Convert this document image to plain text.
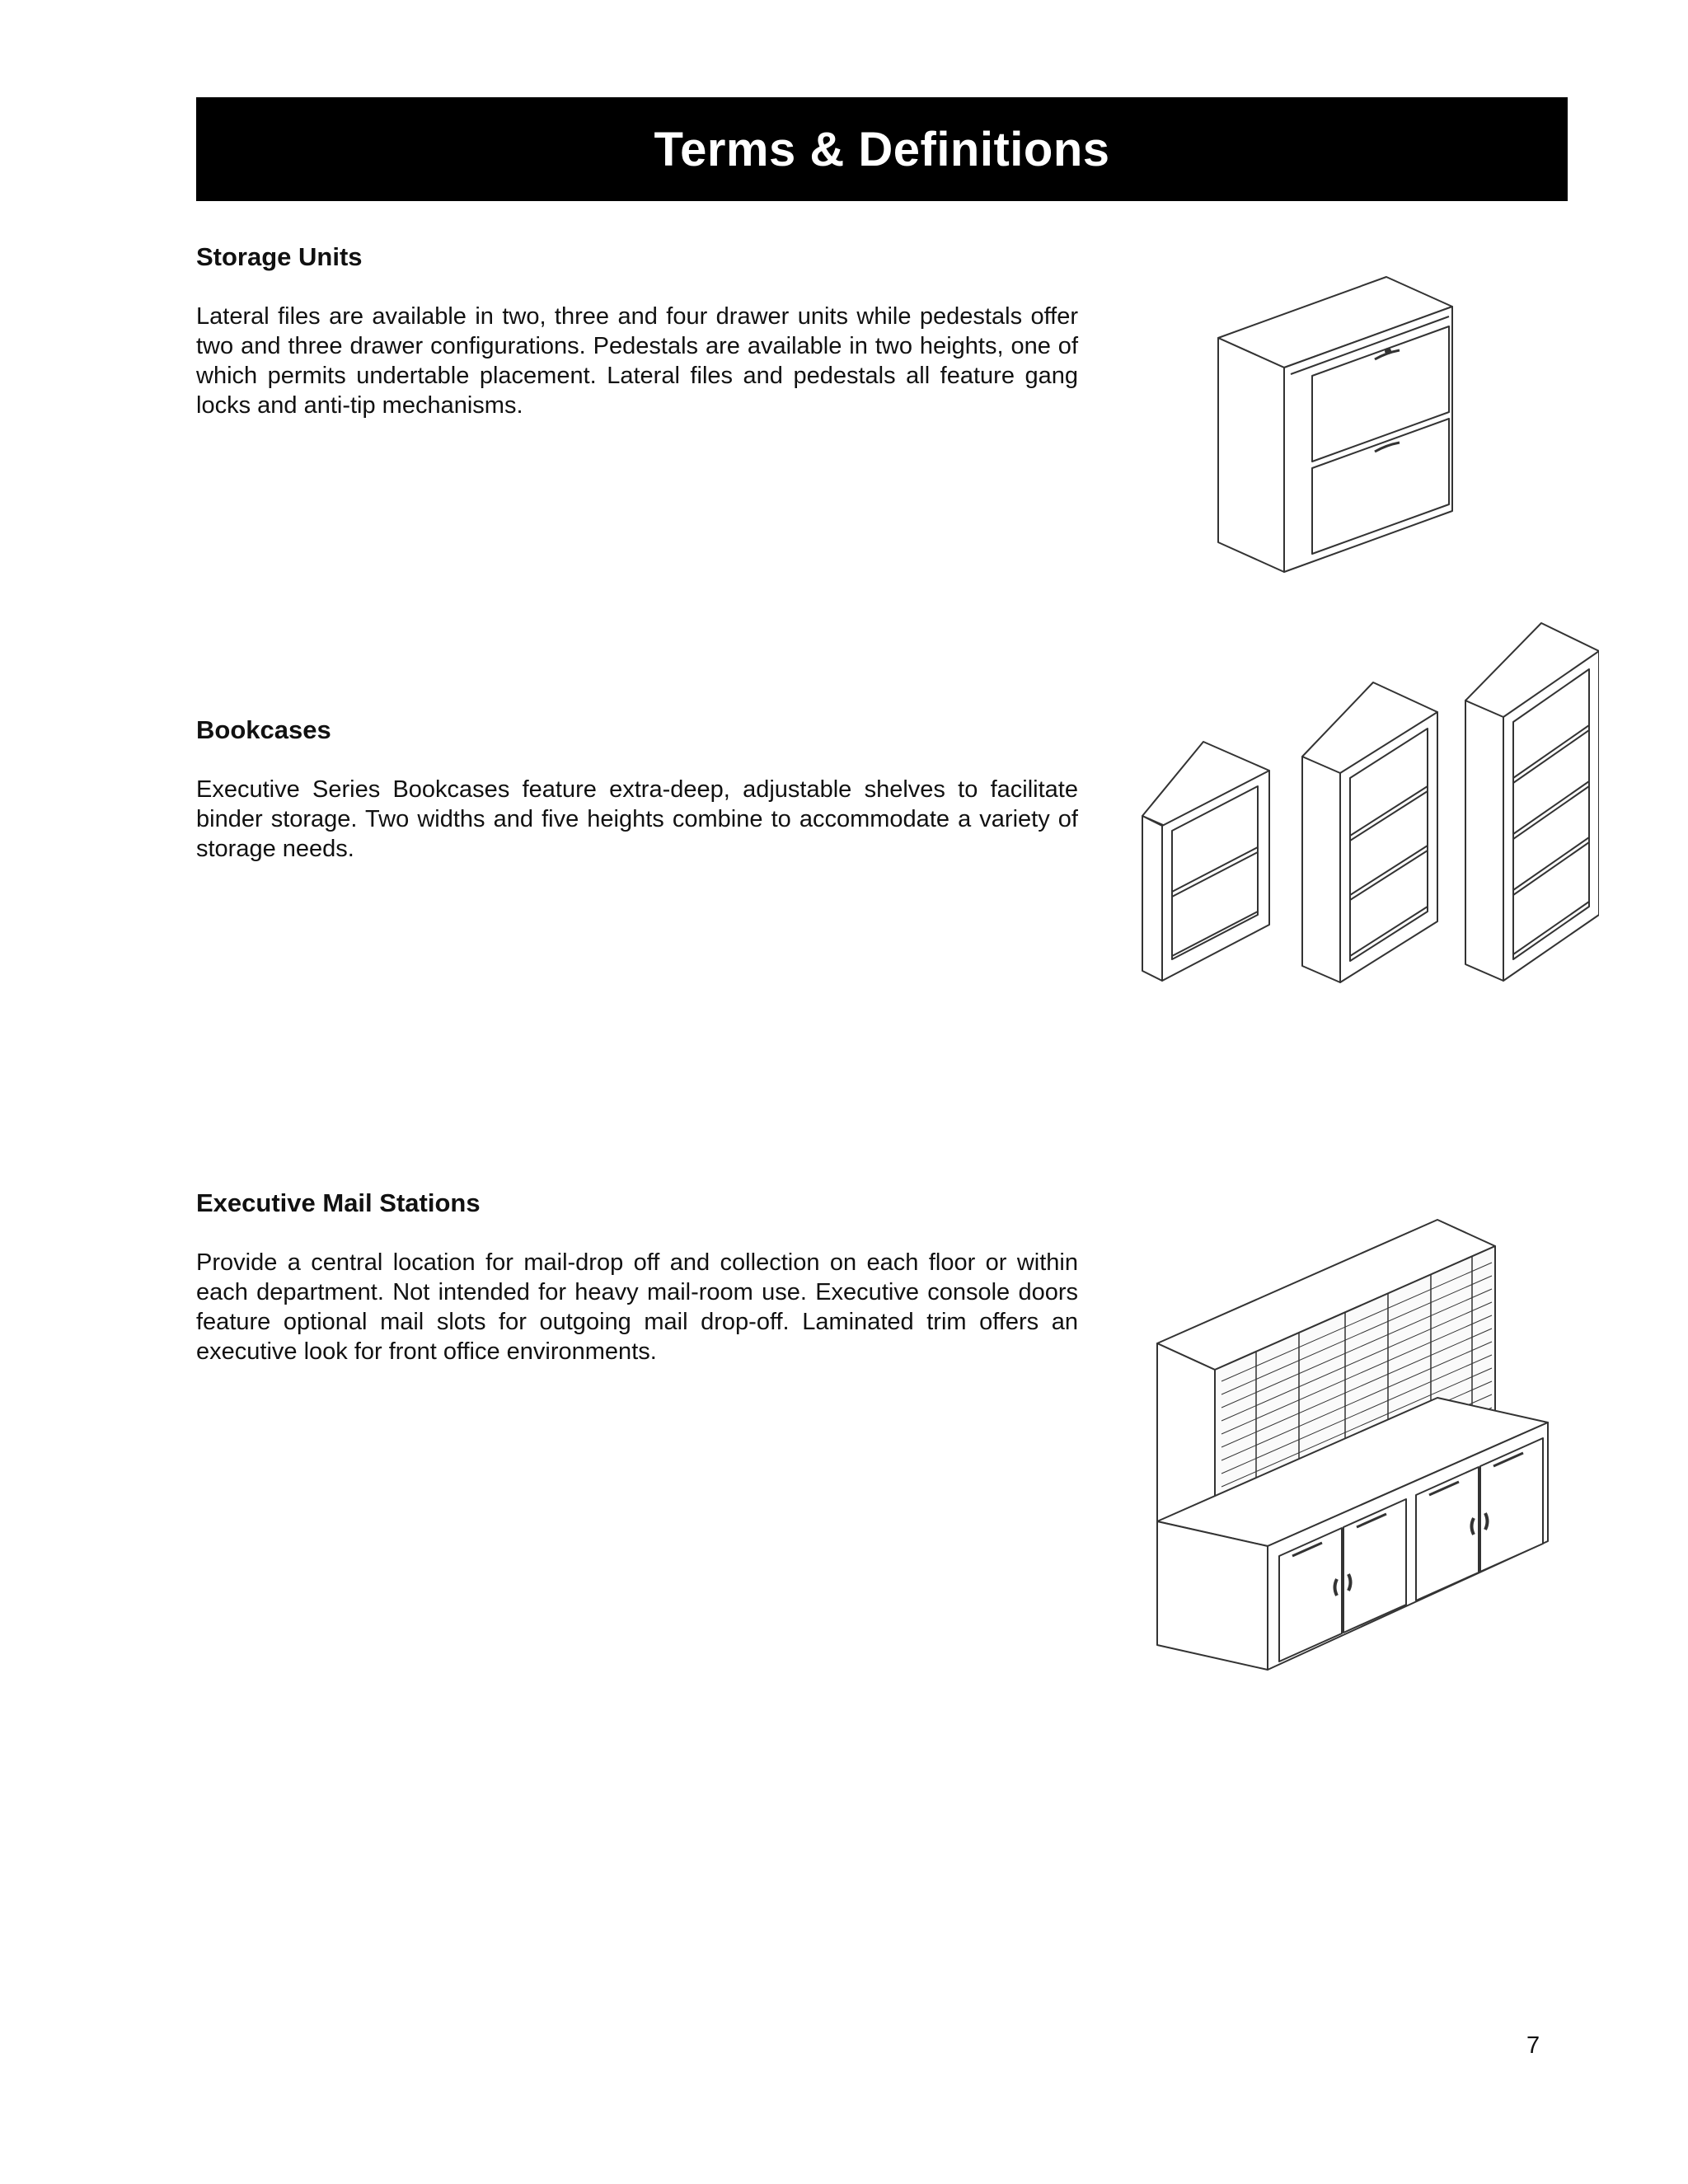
Terms & Definitions
Storage Units

Lateral files are available in two, three and four drawer units while pedestals offer two and three drawer configurations. Pedestals are available in two heights, one of which permits undertable placement. Lateral files and pedestals all feature gang locks and anti-tip mechanisms.

Bookcases

Executive Series Bookcases feature extra-deep, adjustable shelves to facilitate binder storage. Two widths and five heights combine to accommodate a variety of storage needs.

Executive Mail Stations

Provide a central location for mail-drop off and collection on each floor or within each department. Not intended for heavy mail-room use. Executive console doors feature optional mail slots for outgoing mail drop-off. Laminated trim offers an executive look for front office environments.

7
